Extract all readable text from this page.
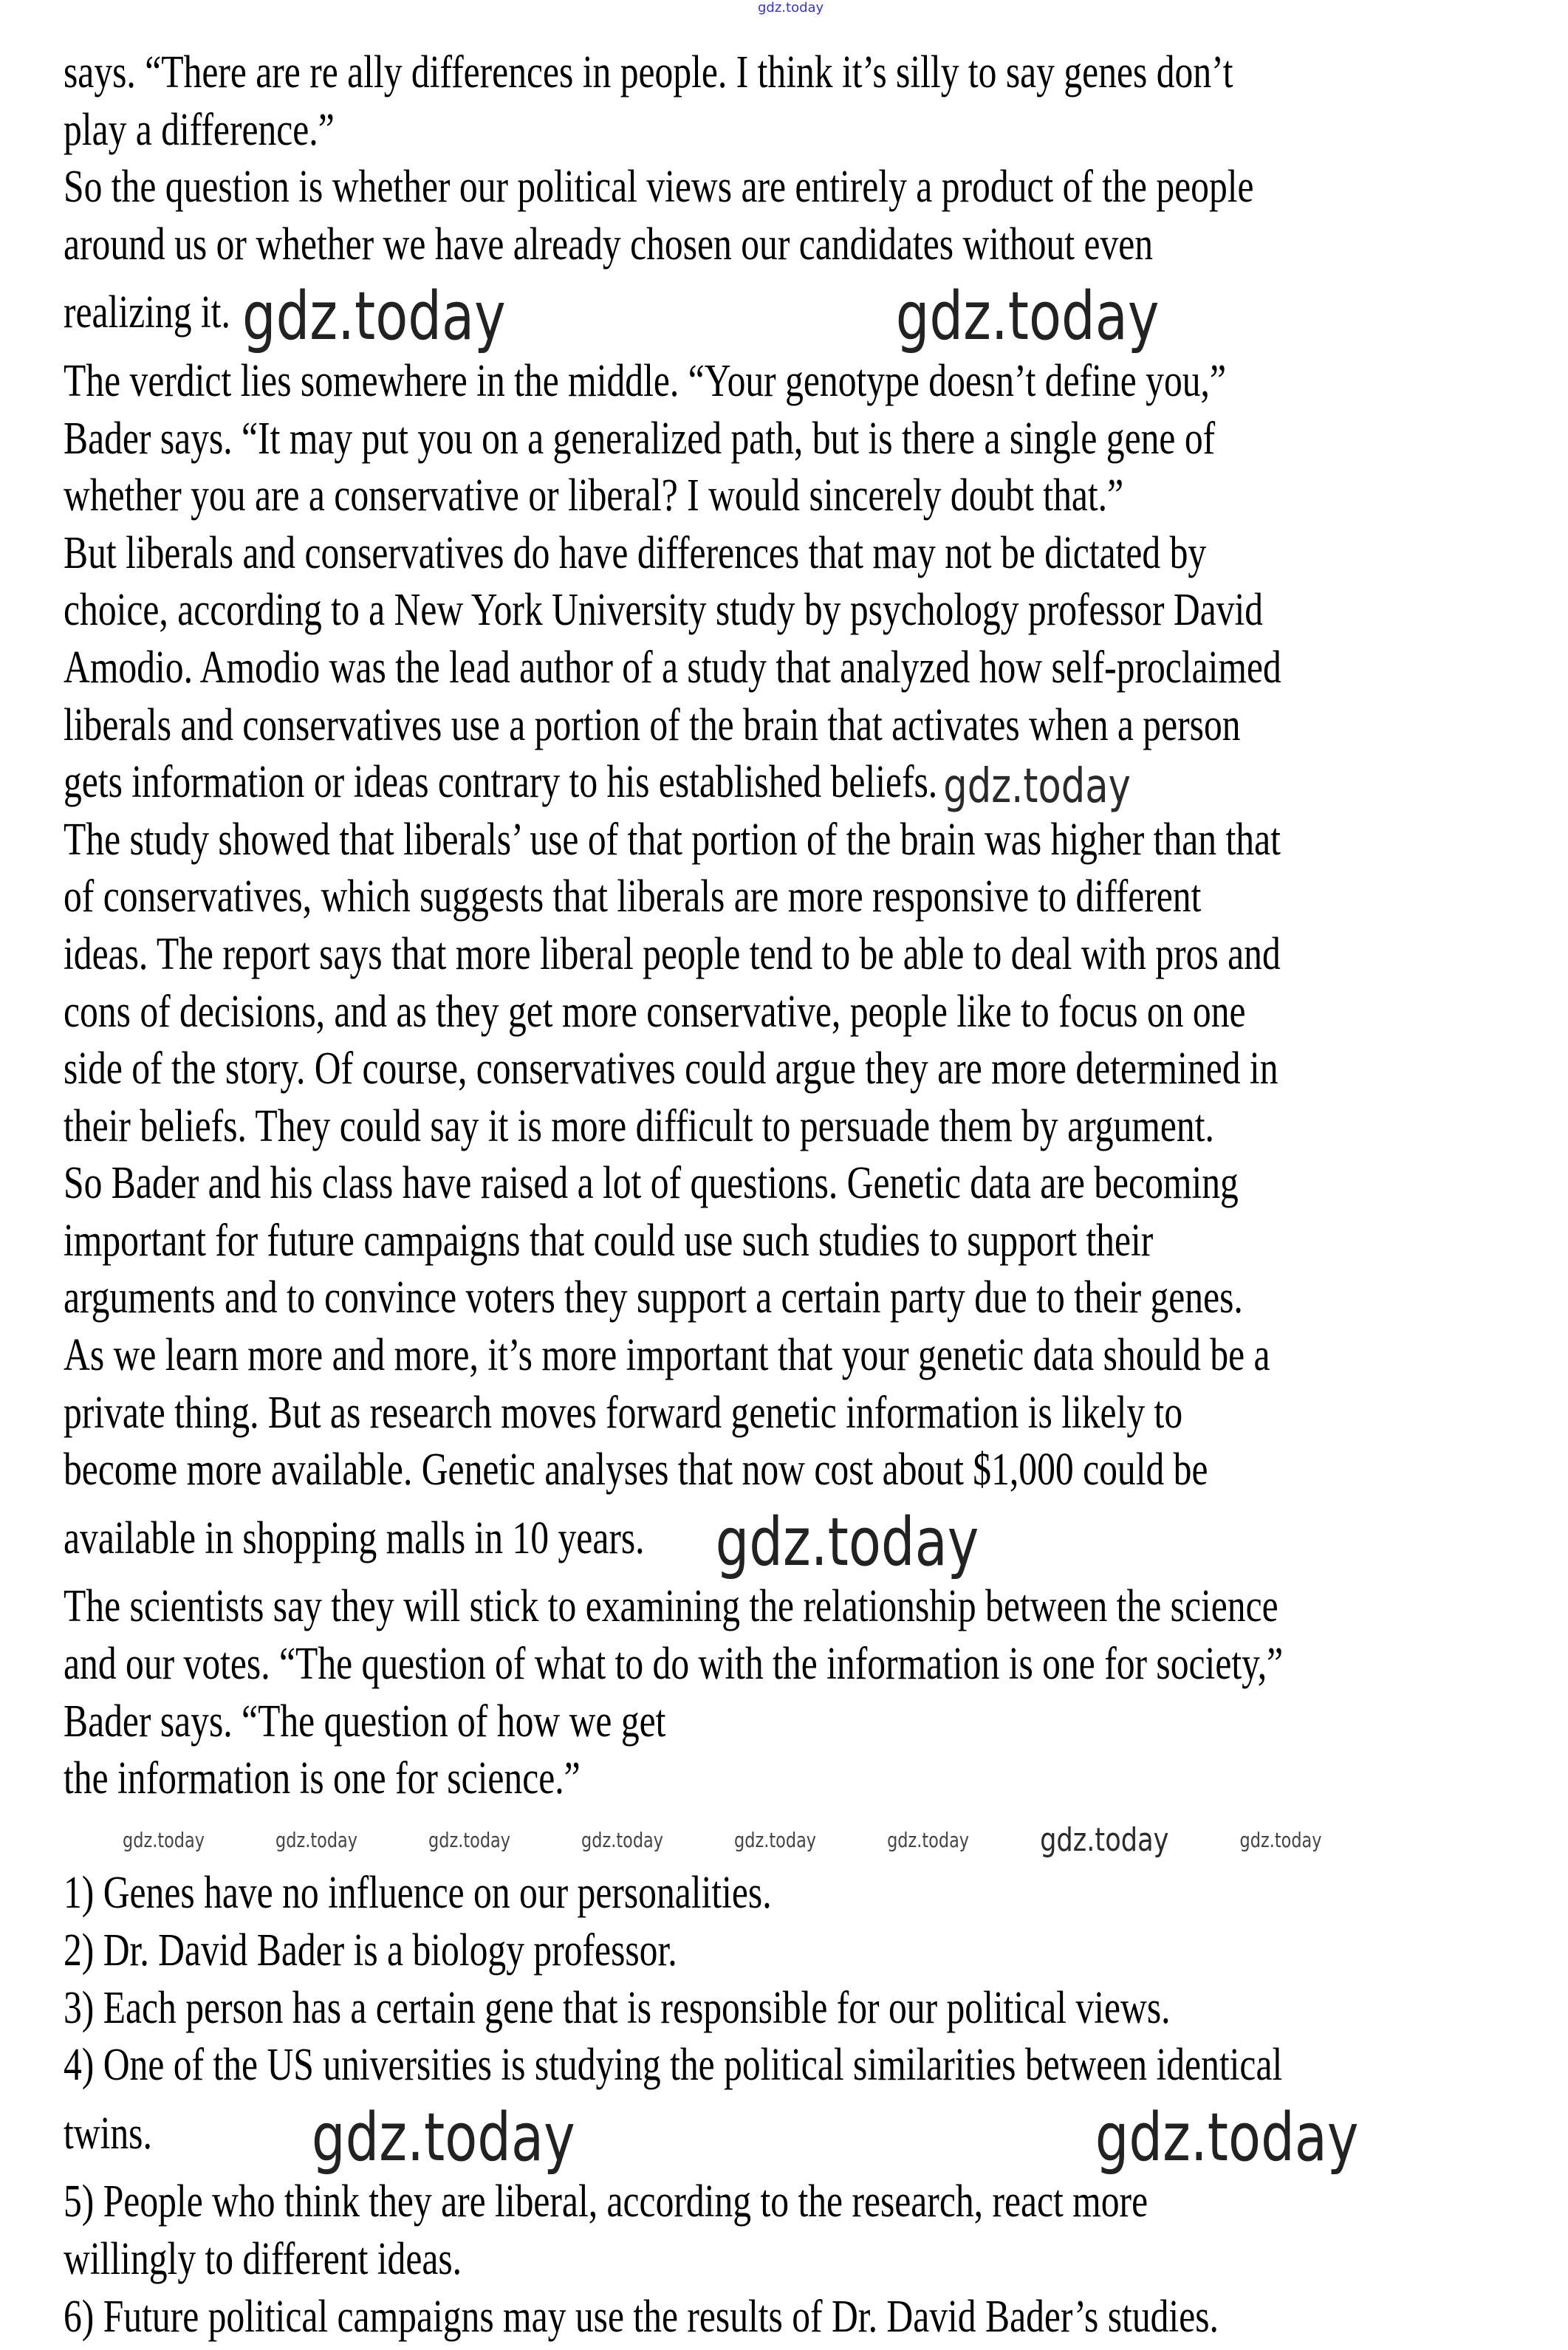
gdz.today
says. “There are re ally differences in people. I think it’s silly to say genes don’t
play a difference.”
So the question is whether our political views are entirely a product of the people
around us or whether we have already chosen our candidates without even
realizing it. gdz.today	gdz.today
The verdict lies somewhere in the middle. “Your genotype doesn’t define you,”
Bader says. “It may put you on a generalized path, but is there a single gene of
whether you are a conservative or liberal? I would sincerely doubt that.”
But liberals and conservatives do have differences that may not be dictated by
choice, according to a New York University study by psychology professor David
Amodio. Amodio was the lead author of a study that analyzed how self-proclaimed
liberals and conservatives use a portion of the brain that activates when a person
gets information or ideas contrary to his established beliefs. gdz.today
The study showed that liberals’ use of that portion of the brain was higher than that
of conservatives, which suggests that liberals are more responsive to different
ideas. The report says that more liberal people tend to be able to deal with pros and
cons of decisions, and as they get more conservative, people like to focus on one
side of the story. Of course, conservatives could argue they are more determined in
their beliefs. They could say it is more difficult to persuade them by argument.
So Bader and his class have raised a lot of questions. Genetic data are becoming
important for future campaigns that could use such studies to support their
arguments and to convince voters they support a certain party due to their genes.
As we learn more and more, it’s more important that your genetic data should be a
private thing. But as research moves forward genetic information is likely to
become more available. Genetic analyses that now cost about $1,000 could be
available in shopping malls in 10 years. gdz.today
The scientists say they will stick to examining the relationship between the science
and our votes. “The question of what to do with the information is one for society,”
Bader says. “The question of how we get
the information is one for science.”
gdz.today	gdz.today	gdz.today	gdz.today	gdz.today	gdz.today gdz.today	gdz.today
1) Genes have no influence on our personalities.
2) Dr. David Bader is a biology professor.
3) Each person has a certain gene that is responsible for our political views.
4) One of the US universities is studying the political similarities between identical
twins. gdz.today	gdz.today
5) People who think they are liberal, according to the research, react more
willingly to different ideas.
6) Future political campaigns may use the results of Dr. David Bader’s studies.
